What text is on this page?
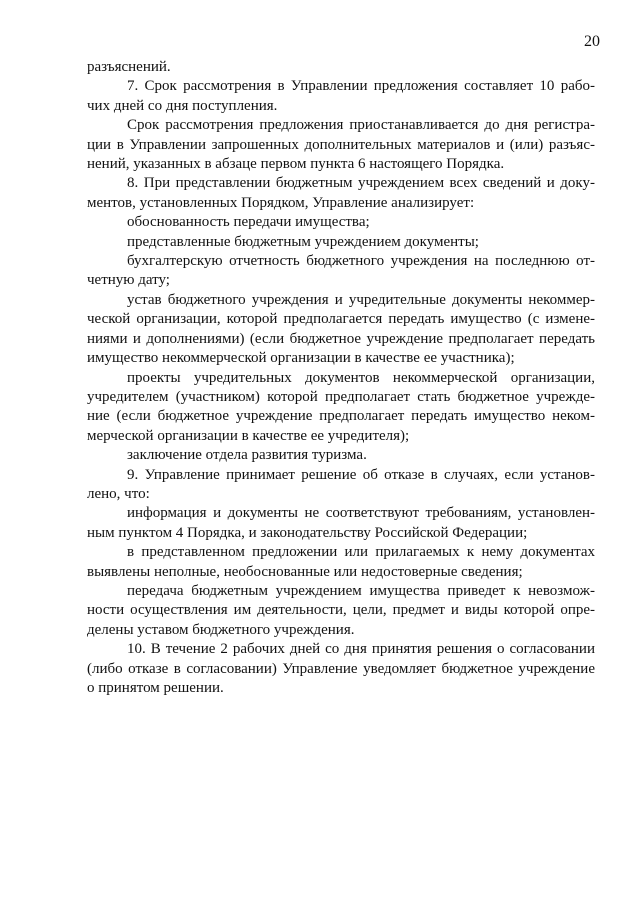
20
разъяснений.
7. Срок рассмотрения в Управлении предложения составляет 10 рабо-
чих дней со дня поступления.
Срок рассмотрения предложения приостанавливается до дня регистра-
ции в Управлении запрошенных дополнительных материалов и (или) разъяс-
нений, указанных в абзаце первом пункта 6 настоящего Порядка.
8. При представлении бюджетным учреждением всех сведений и доку-
ментов, установленных Порядком, Управление анализирует:
обоснованность передачи имущества;
представленные бюджетным учреждением документы;
бухгалтерскую отчетность бюджетного учреждения на последнюю от-
четную дату;
устав бюджетного учреждения и учредительные документы некоммер-
ческой организации, которой предполагается передать имущество (с измене-
ниями и дополнениями) (если бюджетное учреждение предполагает передать
имущество некоммерческой организации в качестве ее участника);
проекты учредительных документов некоммерческой организации,
учредителем (участником) которой предполагает стать бюджетное учрежде-
ние (если бюджетное учреждение предполагает передать имущество неком-
мерческой организации в качестве ее учредителя);
заключение отдела развития туризма.
9. Управление принимает решение об отказе в случаях, если установ-
лено, что:
информация и документы не соответствуют требованиям, установлен-
ным пунктом 4 Порядка, и законодательству Российской Федерации;
в представленном предложении или прилагаемых к нему документах
выявлены неполные, необоснованные или недостоверные сведения;
передача бюджетным учреждением имущества приведет к невозмож-
ности осуществления им деятельности, цели, предмет и виды которой опре-
делены уставом бюджетного учреждения.
10. В течение 2 рабочих дней со дня принятия решения о согласовании
(либо отказе в согласовании) Управление уведомляет бюджетное учреждение
о принятом решении.
